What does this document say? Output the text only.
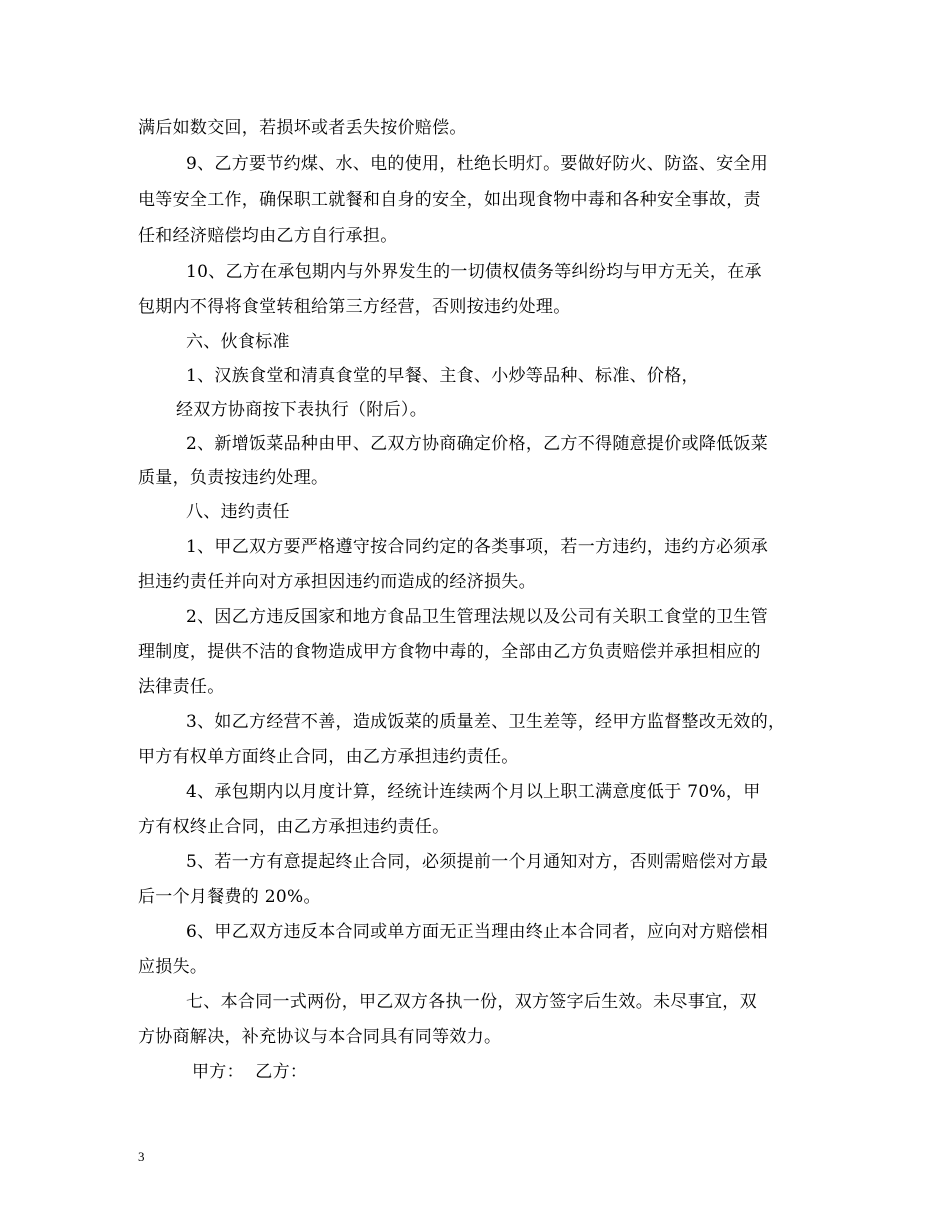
满后如数交回，若损坏或者丢失按价赔偿。
9、乙方要节约煤、水、电的使用，杜绝长明灯。要做好防火、防盗、安全用
电等安全工作，确保职工就餐和自身的安全，如出现食物中毒和各种安全事故，责
任和经济赔偿均由乙方自行承担。
10、乙方在承包期内与外界发生的一切债权债务等纠纷均与甲方无关，在承
包期内不得将食堂转租给第三方经营，否则按违约处理。
六、伙食标准
1、汉族食堂和清真食堂的早餐、主食、小炒等品种、标准、价格，
经双方协商按下表执行（附后）。
2、新增饭菜品种由甲、乙双方协商确定价格，乙方不得随意提价或降低饭菜
质量，负责按违约处理。
八、违约责任
1、甲乙双方要严格遵守按合同约定的各类事项，若一方违约，违约方必须承
担违约责任并向对方承担因违约而造成的经济损失。
2、因乙方违反国家和地方食品卫生管理法规以及公司有关职工食堂的卫生管
理制度，提供不洁的食物造成甲方食物中毒的，全部由乙方负责赔偿并承担相应的
法律责任。
3、如乙方经营不善，造成饭菜的质量差、卫生差等，经甲方监督整改无效的，
甲方有权单方面终止合同，由乙方承担违约责任。
4、承包期内以月度计算，经统计连续两个月以上职工满意度低于 70%，甲
方有权终止合同，由乙方承担违约责任。
5、若一方有意提起终止合同，必须提前一个月通知对方，否则需赔偿对方最
后一个月餐费的 20%。
6、甲乙双方违反本合同或单方面无正当理由终止本合同者，应向对方赔偿相
应损失。
七、本合同一式两份，甲乙双方各执一份，双方签字后生效。未尽事宜，双
方协商解决，补充协议与本合同具有同等效力。
甲方：  乙方：
3
